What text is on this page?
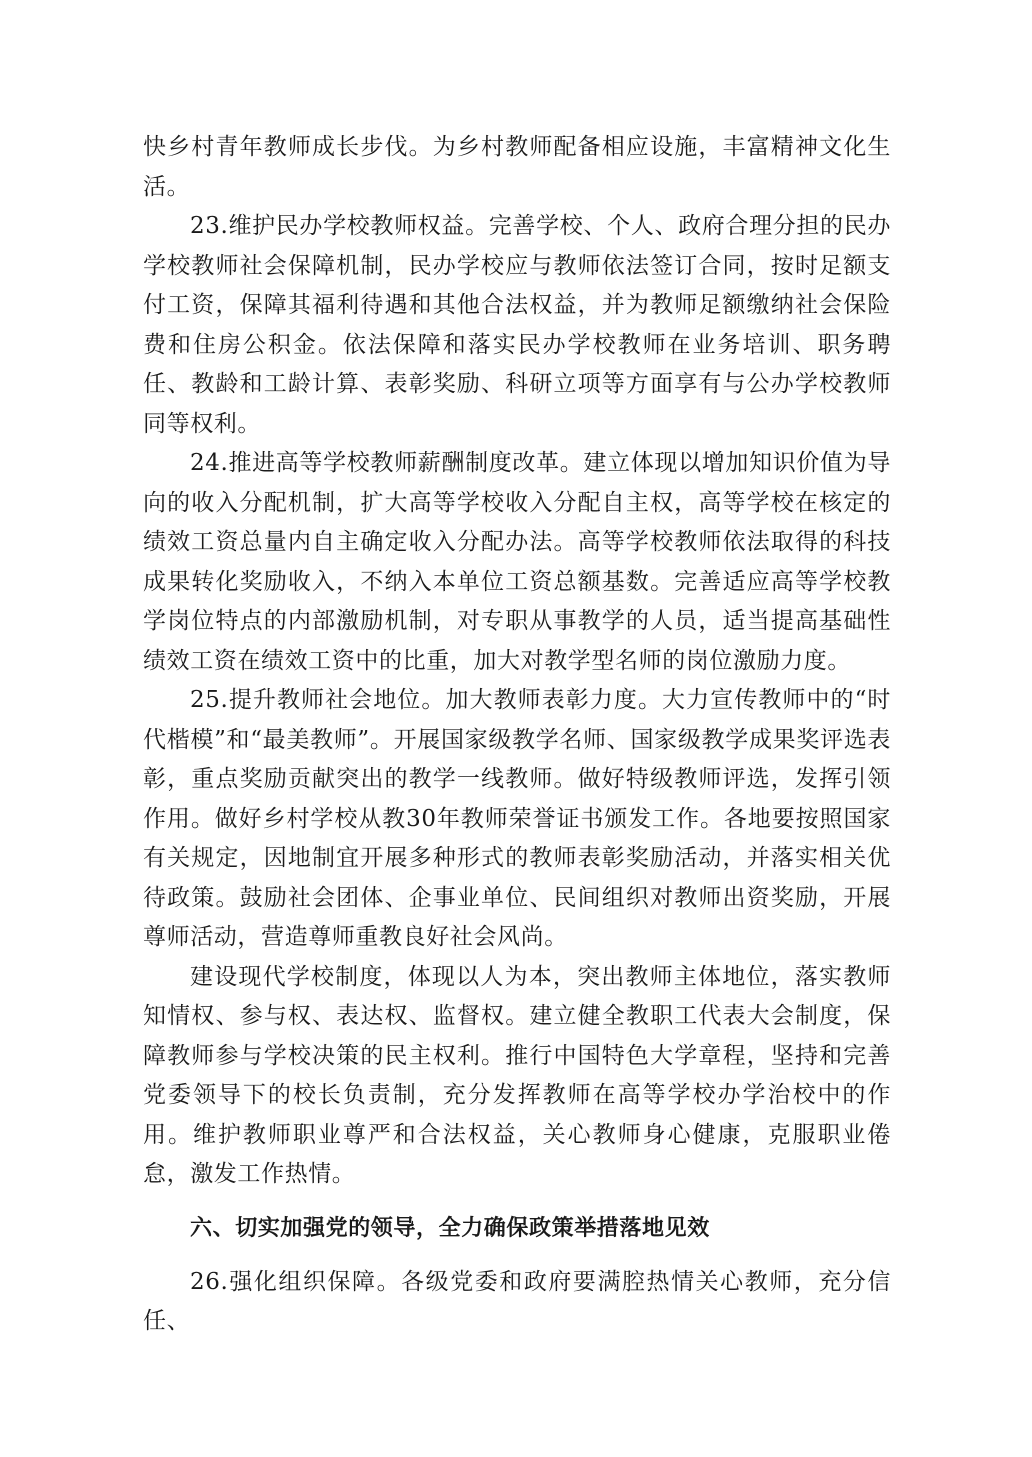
快乡村青年教师成长步伐。为乡村教师配备相应设施，丰富精神文化生活。

23.维护民办学校教师权益。完善学校、个人、政府合理分担的民办学校教师社会保障机制，民办学校应与教师依法签订合同，按时足额支付工资，保障其福利待遇和其他合法权益，并为教师足额缴纳社会保险费和住房公积金。依法保障和落实民办学校教师在业务培训、职务聘任、教龄和工龄计算、表彰奖励、科研立项等方面享有与公办学校教师同等权利。

24.推进高等学校教师薪酬制度改革。建立体现以增加知识价值为导向的收入分配机制，扩大高等学校收入分配自主权，高等学校在核定的绩效工资总量内自主确定收入分配办法。高等学校教师依法取得的科技成果转化奖励收入，不纳入本单位工资总额基数。完善适应高等学校教学岗位特点的内部激励机制，对专职从事教学的人员，适当提高基础性绩效工资在绩效工资中的比重，加大对教学型名师的岗位激励力度。

25.提升教师社会地位。加大教师表彰力度。大力宣传教师中的“时代楷模”和“最美教师”。开展国家级教学名师、国家级教学成果奖评选表彰，重点奖励贡献突出的教学一线教师。做好特级教师评选，发挥引领作用。做好乡村学校从教30年教师荣誉证书颁发工作。各地要按照国家有关规定，因地制宜开展多种形式的教师表彰奖励活动，并落实相关优待政策。鼓励社会团体、企事业单位、民间组织对教师出资奖励，开展尊师活动，营造尊师重教良好社会风尚。

建设现代学校制度，体现以人为本，突出教师主体地位，落实教师知情权、参与权、表达权、监督权。建立健全教职工代表大会制度，保障教师参与学校决策的民主权利。推行中国特色大学章程，坚持和完善党委领导下的校长负责制，充分发挥教师在高等学校办学治校中的作用。维护教师职业尊严和合法权益，关心教师身心健康，克服职业倦怠，激发工作热情。

六、切实加强党的领导，全力确保政策举措落地见效

26.强化组织保障。各级党委和政府要满腔热情关心教师，充分信任、
